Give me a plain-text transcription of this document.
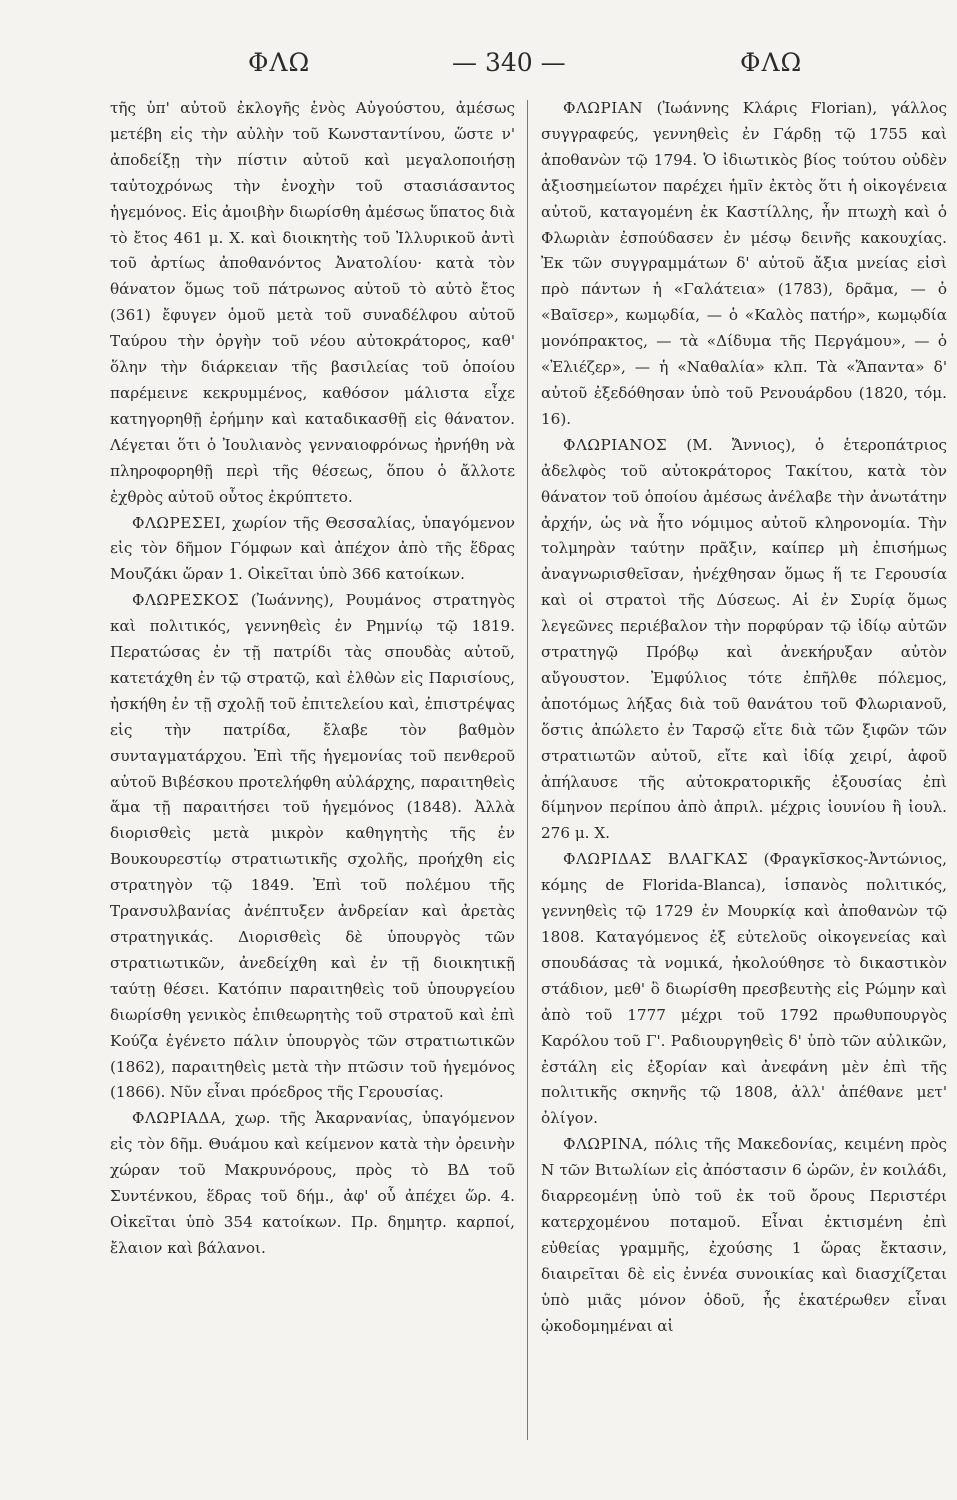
ΦΛΩ	— 340 —	ΦΛΩ

τῆς ὑπ' αὐτοῦ ἐκλογῆς ἑνὸς Αὐγούστου, ἀμέσως μετέβη εἰς τὴν αὐλὴν τοῦ Κωνσταντίνου, ὥστε ν' ἀποδείξῃ τὴν πίστιν αὐτοῦ καὶ μεγαλοποιήσῃ ταὐτοχρόνως τὴν ἐνοχὴν τοῦ στασιάσαντος ἡγεμόνος. Εἰς ἀμοιβὴν διωρίσθη ἀμέσως ὕπατος διὰ τὸ ἔτος 461 μ. Χ. καὶ διοικητὴς τοῦ Ἰλλυρικοῦ ἀντὶ τοῦ ἀρτίως ἀποθανόντος Ἀνατολίου· κατὰ τὸν θάνατον ὅμως τοῦ πάτρωνος αὐτοῦ τὸ αὐτὸ ἔτος (361) ἔφυγεν ὁμοῦ μετὰ τοῦ συναδέλφου αὐτοῦ Ταύρου τὴν ὀργὴν τοῦ νέου αὐτοκράτορος, καθ' ὅλην τὴν διάρκειαν τῆς βασιλείας τοῦ ὁποίου παρέμεινε κεκρυμμένος, καθόσον μάλιστα εἶχε κατηγορηθῇ ἐρήμην καὶ καταδικασθῇ εἰς θάνατον. Λέγεται ὅτι ὁ Ἰουλιανὸς γενναιοφρόνως ἠρνήθη νὰ πληροφορηθῇ περὶ τῆς θέσεως, ὅπου ὁ ἄλλοτε ἐχθρὸς αὐτοῦ οὗτος ἐκρύπτετο.

ΦΛΩΡΕΣΕΙ, χωρίον τῆς Θεσσαλίας, ὑπαγόμενον εἰς τὸν δῆμον Γόμφων καὶ ἀπέχον ἀπὸ τῆς ἕδρας Μουζάκι ὥραν 1. Οἰκεῖται ὑπὸ 366 κατοίκων.

ΦΛΩΡΕΣΚΟΣ (Ἰωάννης), Ρουμάνος στρατηγὸς καὶ πολιτικός, γεννηθεὶς ἐν Ρημνίῳ τῷ 1819. Περατώσας ἐν τῇ πατρίδι τὰς σπουδὰς αὐτοῦ, κατετάχθη ἐν τῷ στρατῷ, καὶ ἐλθὼν εἰς Παρισίους, ἠσκήθη ἐν τῇ σχολῇ τοῦ ἐπιτελείου καὶ, ἐπιστρέψας εἰς τὴν πατρίδα, ἔλαβε τὸν βαθμὸν συνταγματάρχου. Ἐπὶ τῆς ἡγεμονίας τοῦ πενθεροῦ αὐτοῦ Βιβέσκου προτελήφθη αὐλάρχης, παραιτηθεὶς ἅμα τῇ παραιτήσει τοῦ ἡγεμόνος (1848). Ἀλλὰ διορισθεὶς μετὰ μικρὸν καθηγητὴς τῆς ἐν Βουκουρεστίῳ στρατιωτικῆς σχολῆς, προήχθη εἰς στρατηγὸν τῷ 1849. Ἐπὶ τοῦ πολέμου τῆς Τρανσυλβανίας ἀνέπτυξεν ἀνδρείαν καὶ ἀρετὰς στρατηγικάς. Διορισθεὶς δὲ ὑπουργὸς τῶν στρατιωτικῶν, ἀνεδείχθη καὶ ἐν τῇ διοικητικῇ ταύτῃ θέσει. Κατόπιν παραιτηθεὶς τοῦ ὑπουργείου διωρίσθη γενικὸς ἐπιθεωρητὴς τοῦ στρατοῦ καὶ ἐπὶ Κούζα ἐγένετο πάλιν ὑπουργὸς τῶν στρατιωτικῶν (1862), παραιτηθεὶς μετὰ τὴν πτῶσιν τοῦ ἡγεμόνος (1866). Νῦν εἶναι πρόεδρος τῆς Γερουσίας.

ΦΛΩΡΙΑΔΑ, χωρ. τῆς Ἀκαρνανίας, ὑπαγόμενον εἰς τὸν δῆμ. Θυάμου καὶ κείμενον κατὰ τὴν ὀρεινὴν χώραν τοῦ Μακρυνόρους, πρὸς τὸ ΒΔ τοῦ Συντένκου, ἕδρας τοῦ δήμ., ἀφ' οὗ ἀπέχει ὥρ. 4. Οἰκεῖται ὑπὸ 354 κατοίκων. Πρ. δημητρ. καρποί, ἔλαιον καὶ βάλανοι.

ΦΛΩΡΙΑΝ (Ἰωάννης Κλάρις Florian), γάλλος συγγραφεύς, γεννηθεὶς ἐν Γάρδῃ τῷ 1755 καὶ ἀποθανὼν τῷ 1794. Ὁ ἰδιωτικὸς βίος τούτου οὐδὲν ἀξιοσημείωτον παρέχει ἡμῖν ἐκτὸς ὅτι ἡ οἰκογένεια αὐτοῦ, καταγομένη ἐκ Καστίλλης, ἦν πτωχὴ καὶ ὁ Φλωριὰν ἐσπούδασεν ἐν μέσῳ δεινῆς κακουχίας. Ἐκ τῶν συγγραμμάτων δ' αὐτοῦ ἄξια μνείας εἰσὶ πρὸ πάντων ἡ «Γαλάτεια» (1783), δρᾶμα, — ὁ «Βαῖσερ», κωμῳδία, — ὁ «Καλὸς πατήρ», κωμῳδία μονόπρακτος, — τὰ «Δίδυμα τῆς Περγάμου», — ὁ «Ἐλιέζερ», — ἡ «Ναθαλία» κλπ. Τὰ «Ἅπαντα» δ' αὐτοῦ ἐξεδόθησαν ὑπὸ τοῦ Ρενουάρδου (1820, τόμ. 16).

ΦΛΩΡΙΑΝΟΣ (Μ. Ἄννιος), ὁ ἑτεροπάτριος ἀδελφὸς τοῦ αὐτοκράτορος Τακίτου, κατὰ τὸν θάνατον τοῦ ὁποίου ἀμέσως ἀνέλαβε τὴν ἀνωτάτην ἀρχήν, ὡς νὰ ἦτο νόμιμος αὐτοῦ κληρονομία. Τὴν τολμηρὰν ταύτην πρᾶξιν, καίπερ μὴ ἐπισήμως ἀναγνωρισθεῖσαν, ἠνέχθησαν ὅμως ἥ τε Γερουσία καὶ οἱ στρατοὶ τῆς Δύσεως. Αἱ ἐν Συρίᾳ ὅμως λεγεῶνες περιέβαλον τὴν πορφύραν τῷ ἰδίῳ αὐτῶν στρατηγῷ Πρόβῳ καὶ ἀνεκήρυξαν αὐτὸν αὔγουστον. Ἐμφύλιος τότε ἐπῆλθε πόλεμος, ἀποτόμως λήξας διὰ τοῦ θανάτου τοῦ Φλωριανοῦ, ὅστις ἀπώλετο ἐν Ταρσῷ εἴτε διὰ τῶν ξιφῶν τῶν στρατιωτῶν αὐτοῦ, εἴτε καὶ ἰδίᾳ χειρί, ἀφοῦ ἀπήλαυσε τῆς αὐτοκρατορικῆς ἐξουσίας ἐπὶ δίμηνον περίπου ἀπὸ ἀπριλ. μέχρις ἰουνίου ἢ ἰουλ. 276 μ. Χ.

ΦΛΩΡΙΔΑΣ ΒΛΑΓΚΑΣ (Φραγκῖσκος-Ἀντώνιος, κόμης de Florida-Blanca), ἱσπανὸς πολιτικός, γεννηθεὶς τῷ 1729 ἐν Μουρκίᾳ καὶ ἀποθανὼν τῷ 1808. Καταγόμενος ἐξ εὐτελοῦς οἰκογενείας καὶ σπουδάσας τὰ νομικά, ἠκολούθησε τὸ δικαστικὸν στάδιον, μεθ' ὃ διωρίσθη πρεσβευτὴς εἰς Ρώμην καὶ ἀπὸ τοῦ 1777 μέχρι τοῦ 1792 πρωθυπουργὸς Καρόλου τοῦ Γ'. Ραδιουργηθεὶς δ' ὑπὸ τῶν αὐλικῶν, ἐστάλη εἰς ἐξορίαν καὶ ἀνεφάνη μὲν ἐπὶ τῆς πολιτικῆς σκηνῆς τῷ 1808, ἀλλ' ἀπέθανε μετ' ὀλίγον.

ΦΛΩΡΙΝΑ, πόλις τῆς Μακεδονίας, κειμένη πρὸς Ν τῶν Βιτωλίων εἰς ἀπόστασιν 6 ὡρῶν, ἐν κοιλάδι, διαρρεομένῃ ὑπὸ τοῦ ἐκ τοῦ ὄρους Περιστέρι κατερχομένου ποταμοῦ. Εἶναι ἐκτισμένη ἐπὶ εὐθείας γραμμῆς, ἐχούσης 1 ὥρας ἔκτασιν, διαιρεῖται δὲ εἰς ἐννέα συνοικίας καὶ διασχίζεται ὑπὸ μιᾶς μόνον ὁδοῦ, ἧς ἑκατέρωθεν εἶναι ᾠκοδομημέναι αἱ
